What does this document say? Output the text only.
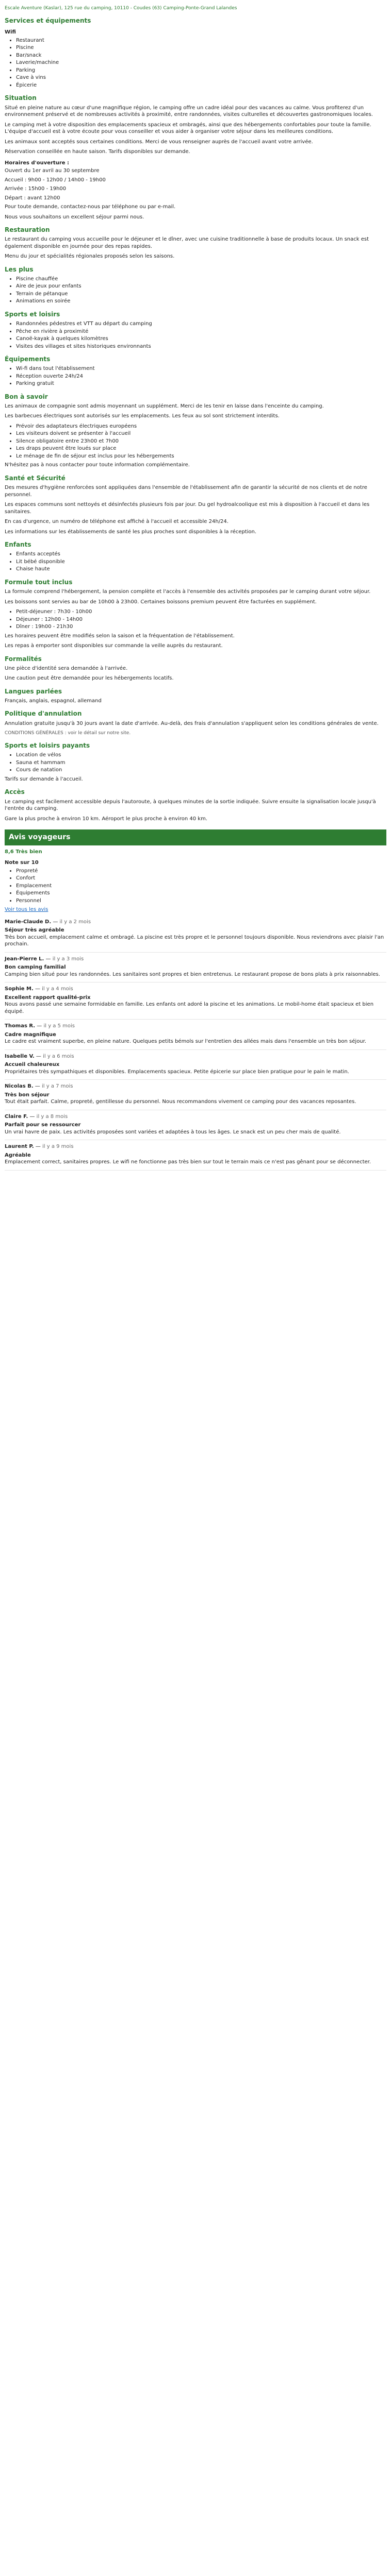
Escale Aventure (Kaslar), 125 rue du camping, 10110 - Coudes (63) Camping-Ponte-Grand Lalandes
Services et équipements
Wifi
• Restaurant
• Piscine
• Bar/snack
• Laverie/machine
• Parking
• Cave à vins
• Épicerie
Situation

Situé en pleine nature au cœur d'une magnifique région, le camping offre un cadre idéal pour des vacances au calme. Vous profiterez d'un environnement préservé et de nombreuses activités à proximité, entre randonnées, visites culturelles et découvertes gastronomiques locales.

Le camping met à votre disposition des emplacements spacieux et ombragés, ainsi que des hébergements confortables pour toute la famille. L'équipe d'accueil est à votre écoute pour vous conseiller et vous aider à organiser votre séjour dans les meilleures conditions.

Les animaux sont acceptés sous certaines conditions. Merci de vous renseigner auprès de l'accueil avant votre arrivée.

Réservation conseillée en haute saison. Tarifs disponibles sur demande.

Horaires d'ouverture :
Ouvert du 1er avril au 30 septembre
Accueil : 9h00 - 12h00 / 14h00 - 19h00
Arrivée : 15h00 - 19h00
Départ : avant 12h00

Pour toute demande, contactez-nous par téléphone ou par e-mail.

Nous vous souhaitons un excellent séjour parmi nous.

Restauration

Le restaurant du camping vous accueille pour le déjeuner et le dîner, avec une cuisine traditionnelle à base de produits locaux. Un snack est également disponible en journée pour des repas rapides.

Menu du jour et spécialités régionales proposés selon les saisons.

Les plus
• Piscine chauffée
• Aire de jeux pour enfants
• Terrain de pétanque
• Animations en soirée
Sports et loisirs
• Randonnées pédestres et VTT au départ du camping
• Pêche en rivière à proximité
• Canoë-kayak à quelques kilomètres
• Visites des villages et sites historiques environnants
Équipements
• Wi-fi dans tout l'établissement
• Réception ouverte 24h/24
• Parking gratuit
Bon à savoir

Les animaux de compagnie sont admis moyennant un supplément. Merci de les tenir en laisse dans l'enceinte du camping.

Les barbecues électriques sont autorisés sur les emplacements. Les feux au sol sont strictement interdits.

• Prévoir des adaptateurs électriques européens
• Les visiteurs doivent se présenter à l'accueil
• Silence obligatoire entre 23h00 et 7h00
• Les draps peuvent être loués sur place
• Le ménage de fin de séjour est inclus pour les hébergements

N'hésitez pas à nous contacter pour toute information complémentaire.

Santé et Sécurité

Des mesures d'hygiène renforcées sont appliquées dans l'ensemble de l'établissement afin de garantir la sécurité de nos clients et de notre personnel.

Les espaces communs sont nettoyés et désinfectés plusieurs fois par jour. Du gel hydroalcoolique est mis à disposition à l'accueil et dans les sanitaires.

En cas d'urgence, un numéro de téléphone est affiché à l'accueil et accessible 24h/24.

Les informations sur les établissements de santé les plus proches sont disponibles à la réception.

Enfants
• Enfants acceptés
• Lit bébé disponible
• Chaise haute
Formule tout inclus

La formule comprend l'hébergement, la pension complète et l'accès à l'ensemble des activités proposées par le camping durant votre séjour.

Les boissons sont servies au bar de 10h00 à 23h00. Certaines boissons premium peuvent être facturées en supplément.

• Petit-déjeuner : 7h30 - 10h00
• Déjeuner : 12h00 - 14h00
• Dîner : 19h00 - 21h30

Les horaires peuvent être modifiés selon la saison et la fréquentation de l'établissement.

Les repas à emporter sont disponibles sur commande la veille auprès du restaurant.

Formalités

Une pièce d'identité sera demandée à l'arrivée.

Une caution peut être demandée pour les hébergements locatifs.

Langues parlées

Français, anglais, espagnol, allemand

Politique d'annulation

Annulation gratuite jusqu'à 30 jours avant la date d'arrivée. Au-delà, des frais d'annulation s'appliquent selon les conditions générales de vente.

CONDITIONS GÉNÉRALES : voir le détail sur notre site.

Sports et loisirs payants
• Location de vélos
• Sauna et hammam
• Cours de natation

Tarifs sur demande à l'accueil.

Accès

Le camping est facilement accessible depuis l'autoroute, à quelques minutes de la sortie indiquée. Suivre ensuite la signalisation locale jusqu'à l'entrée du camping.

Gare la plus proche à environ 10 km. Aéroport le plus proche à environ 40 km.

Avis voyageurs
8,6 Très bien
Note sur 10
• Propreté
• Confort
• Emplacement
• Équipements
• Personnel
Voir tous les avis
Marie-Claude D. — il y a 2 mois
Séjour très agréable
Très bon accueil, emplacement calme et ombragé. La piscine est très propre et le personnel toujours disponible. Nous reviendrons avec plaisir l'an prochain.
Jean-Pierre L. — il y a 3 mois
Bon camping familial
Camping bien situé pour les randonnées. Les sanitaires sont propres et bien entretenus. Le restaurant propose de bons plats à prix raisonnables.
Sophie M. — il y a 4 mois
Excellent rapport qualité-prix
Nous avons passé une semaine formidable en famille. Les enfants ont adoré la piscine et les animations. Le mobil-home était spacieux et bien équipé.
Thomas R. — il y a 5 mois
Cadre magnifique
Le cadre est vraiment superbe, en pleine nature. Quelques petits bémols sur l'entretien des allées mais dans l'ensemble un très bon séjour.
Isabelle V. — il y a 6 mois
Accueil chaleureux
Propriétaires très sympathiques et disponibles. Emplacements spacieux. Petite épicerie sur place bien pratique pour le pain le matin.
Nicolas B. — il y a 7 mois
Très bon séjour
Tout était parfait. Calme, propreté, gentillesse du personnel. Nous recommandons vivement ce camping pour des vacances reposantes.
Claire F. — il y a 8 mois
Parfait pour se ressourcer
Un vrai havre de paix. Les activités proposées sont variées et adaptées à tous les âges. Le snack est un peu cher mais de qualité.
Laurent P. — il y a 9 mois
Agréable
Emplacement correct, sanitaires propres. Le wifi ne fonctionne pas très bien sur tout le terrain mais ce n'est pas gênant pour se déconnecter.
